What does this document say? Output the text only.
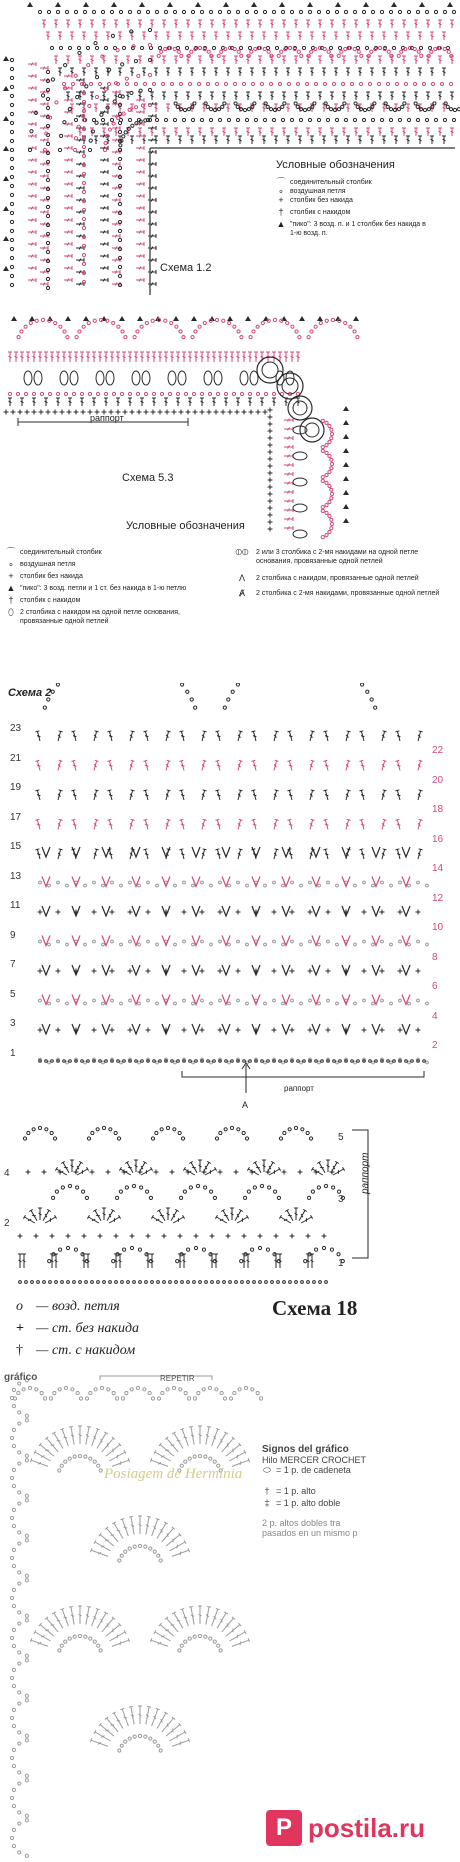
Условные обозначения
⌒ соединительный столбик
∘ воздушная петля
+ столбик без накида
† столбик с накидом
▲ "пико": 3 возд. п. и 1 столбик без накида в 1-ю возд. п.
Схема 1.2
раппорт
Схема 5.3
Условные обозначения
⌒ соединительный столбик
∘ воздушная петля
+ столбик без накида
▲ "пико": 3 возд. петли и 1 ст. без накида в 1-ю петлю
† столбик с накидом
⬯ 2 столбика с накидом на одной петле основания, провязанные одной петлей
⦶⦶	2 или 3 столбика с 2-мя накидами на одной петле основания, провязанные одной петлей
Λ	2 столбика с накидом, провязанные одной петлей
Ⱥ	2 столбика с 2-мя накидами, провязанные одной петлей
Схема 2
23
21
19
17
15
13
11
9
7
5
3
1
22
20
18
16
14
12
10
8
6
4
2
раппорт
A
4
2
5
3
1
раппорт
o — возд. петля
+ — ст. без накида
† — ст. с накидом
Схема 18
gráfico	REPETIR
Posiagem de Hermínia
Signos del gráfico
Hilo MERCER CROCHET
⬭ = 1 p. de cadeneta
† = 1 p. alto
‡ = 1 p. alto doble
2 p. altos dobles tra
pasados en un mismo p
P postila.ru
